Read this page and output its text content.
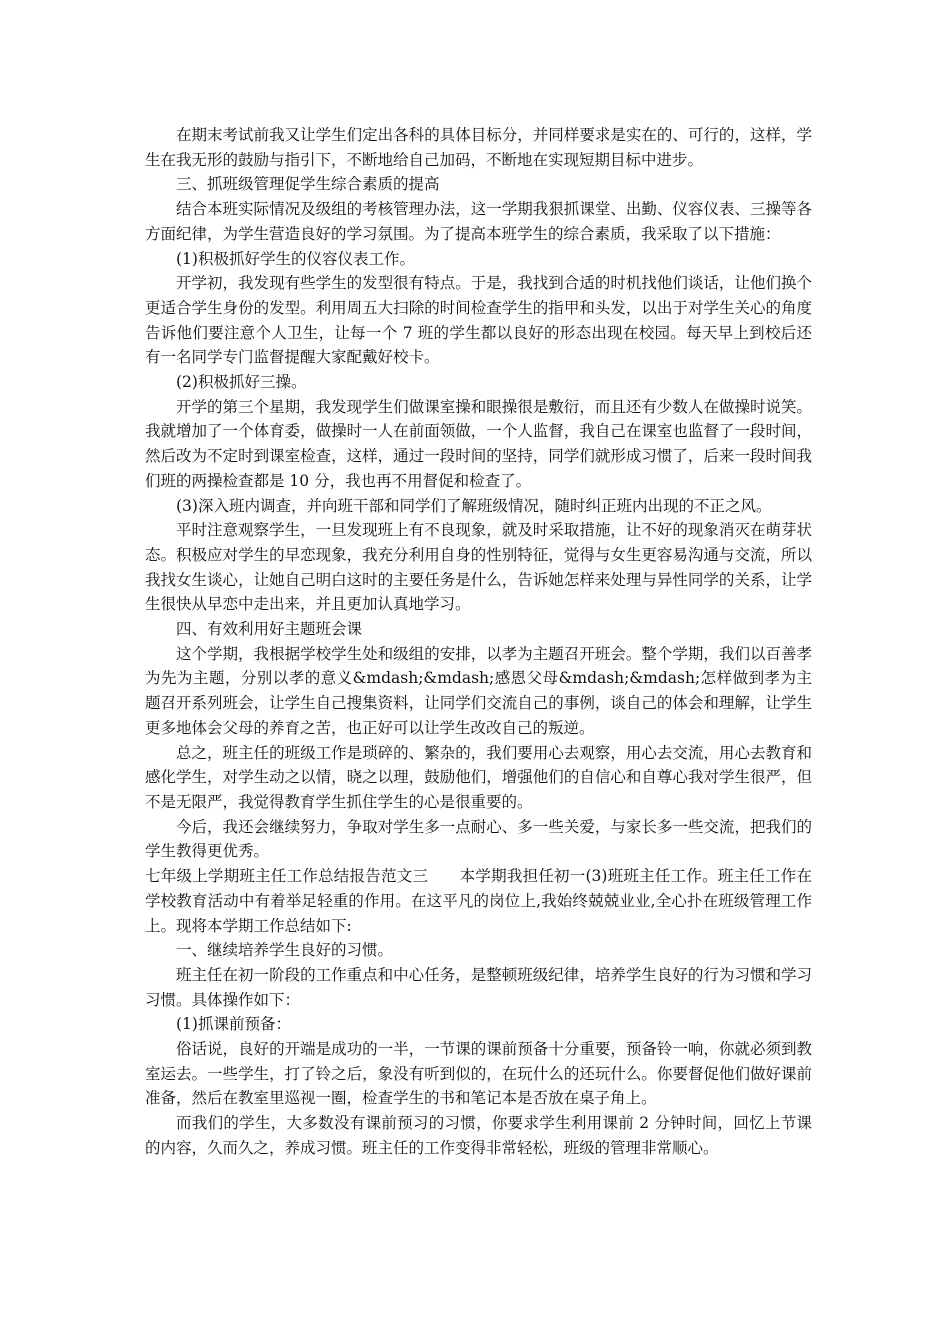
在期末考试前我又让学生们定出各科的具体目标分，并同样要求是实在的、可行的，这样，学生在我无形的鼓励与指引下，不断地给自己加码，不断地在实现短期目标中进步。

三、抓班级管理促学生综合素质的提高

结合本班实际情况及级组的考核管理办法，这一学期我狠抓课堂、出勤、仪容仪表、三操等各方面纪律，为学生营造良好的学习氛围。为了提高本班学生的综合素质，我采取了以下措施：

(1)积极抓好学生的仪容仪表工作。

开学初，我发现有些学生的发型很有特点。于是，我找到合适的时机找他们谈话，让他们换个更适合学生身份的发型。利用周五大扫除的时间检查学生的指甲和头发，以出于对学生关心的角度告诉他们要注意个人卫生，让每一个 7 班的学生都以良好的形态出现在校园。每天早上到校后还有一名同学专门监督提醒大家配戴好校卡。

(2)积极抓好三操。

开学的第三个星期，我发现学生们做课室操和眼操很是敷衍，而且还有少数人在做操时说笑。我就增加了一个体育委，做操时一人在前面领做，一个人监督，我自己在课室也监督了一段时间，然后改为不定时到课室检查，这样，通过一段时间的坚持，同学们就形成习惯了，后来一段时间我们班的两操检查都是 10 分，我也再不用督促和检查了。

(3)深入班内调查，并向班干部和同学们了解班级情况，随时纠正班内出现的不正之风。

平时注意观察学生，一旦发现班上有不良现象，就及时采取措施，让不好的现象消灭在萌芽状态。积极应对学生的早恋现象，我充分利用自身的性别特征，觉得与女生更容易沟通与交流，所以我找女生谈心，让她自己明白这时的主要任务是什么，告诉她怎样来处理与异性同学的关系，让学生很快从早恋中走出来，并且更加认真地学习。

四、有效利用好主题班会课

这个学期，我根据学校学生处和级组的安排，以孝为主题召开班会。整个学期，我们以百善孝为先为主题，分别以孝的意义&mdash;&mdash;感恩父母&mdash;&mdash;怎样做到孝为主题召开系列班会，让学生自己搜集资料，让同学们交流自己的事例，谈自己的体会和理解，让学生更多地体会父母的养育之苦，也正好可以让学生改改自己的叛逆。

总之，班主任的班级工作是琐碎的、繁杂的，我们要用心去观察，用心去交流，用心去教育和感化学生，对学生动之以情，晓之以理，鼓励他们，增强他们的自信心和自尊心我对学生很严，但不是无限严，我觉得教育学生抓住学生的心是很重要的。

今后，我还会继续努力，争取对学生多一点耐心、多一些关爱，与家长多一些交流，把我们的学生教得更优秀。

七年级上学期班主任工作总结报告范文三　　本学期我担任初一(3)班班主任工作。班主任工作在学校教育活动中有着举足轻重的作用。在这平凡的岗位上,我始终兢兢业业,全心扑在班级管理工作上。现将本学期工作总结如下:

一、继续培养学生良好的习惯。

班主任在初一阶段的工作重点和中心任务，是整顿班级纪律，培养学生良好的行为习惯和学习习惯。具体操作如下：

(1)抓课前预备：

俗话说，良好的开端是成功的一半，一节课的课前预备十分重要，预备铃一响，你就必须到教室运去。一些学生，打了铃之后，象没有听到似的，在玩什么的还玩什么。你要督促他们做好课前准备，然后在教室里巡视一圈，检查学生的书和笔记本是否放在桌子角上。

而我们的学生，大多数没有课前预习的习惯，你要求学生利用课前 2 分钟时间，回忆上节课的内容，久而久之，养成习惯。班主任的工作变得非常轻松，班级的管理非常顺心。
